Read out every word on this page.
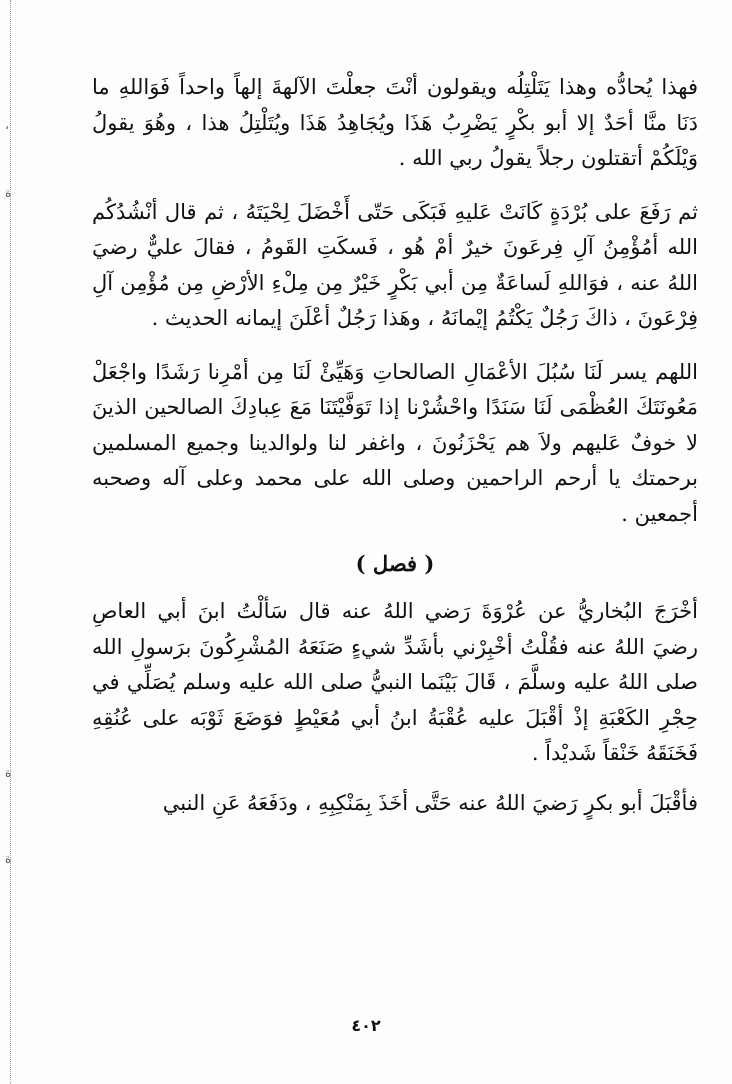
،
ة
ة
ة

فهذا يُحادُّه وهذا يَتَلْتِلُه ويقولون أنْتَ جعلْتَ الآلهةَ إلهاً واحداً فَوَاللهِ ما دَنَا منَّا أحَدٌ إلا أبو بكْرٍ يَضْرِبُ هَذَا ويُجَاهِدُ هَذَا ويُتَلْتِلُ هذا ، وهُوَ يقولُ وَيْلَكُمْ أتقتلون رجلاً يقولُ ربي الله .

ثم رَفَعَ على بُرْدَةٍ كَانَتْ عَليهِ فَبَكَى حَتّى أَخْضَلَ لِحْيَتَهُ ، ثم قال أنْشُدُكُم الله أمُؤْمِنُ آلِ فِرعَونَ خيرٌ أمْ هُو ، فَسكَتِ القَومُ ، فقالَ عليٌّ رضيَ اللهُ عنه ، فوَاللهِ لَساعَةٌ مِن أبي بَكْرٍ خَيْرٌ مِن مِلْءِ الأرْضِ مِن مُؤْمِن آلِ فِرْعَونَ ، ذاكَ رَجُلٌ يَكْتُمُ إيْمانَهُ ، وهَذا رَجُلٌ أعْلَنَ إيمانه الحديث .

اللهم يسر لَنَا سُبُلَ الأعْمَالِ الصالحاتِ وَهَيِّئْ لَنَا مِن أمْرِنا رَشَدًا واجْعَلْ مَعُونَتَكَ العُظْمَى لَنَا سَنَدًا واحْشُرْنا إذا تَوَفَّيْتَنَا مَعَ عِبادِكَ الصالحين الذينَ لا خوفٌ عَليهم ولاَ هم يَحْزَنُونَ ، واغفر لنا ولوالدينا وجميع المسلمين برحمتك يا أرحم الراحمين وصلى الله على محمد وعلى آله وصحبه أجمعين .

( فصل )

أخْرَجَ البُخاريُّ عن عُرْوَةَ رَضي اللهُ عنه قال سَألْتُ ابنَ أبي العاصِ رضيَ اللهُ عنه فقُلْتُ أخْبِرْني بأشَدِّ شيءٍ صَنَعَهُ المُشْرِكُونَ برَسولِ الله صلى اللهُ عليه وسلَّمَ ، قَالَ بَيْنَما النبيُّ صلى الله عليه وسلم يُصَلِّي في حِجْرِ الكَعْبَةِ إذْ أقْبَلَ عليه عُقْبَةُ ابنُ أبي مُعَيْطٍ فوَضَعَ ثَوْبَه على عُنُقِهِ فَخَنَقَهُ خَنْقاً شَديْداً .

فأقْبَلَ أبو بكرٍ رَضيَ اللهُ عنه حَتَّى أخَذَ بِمَنْكِبِهِ ، ودَفَعَهُ عَنِ النبي

٤٠٢
